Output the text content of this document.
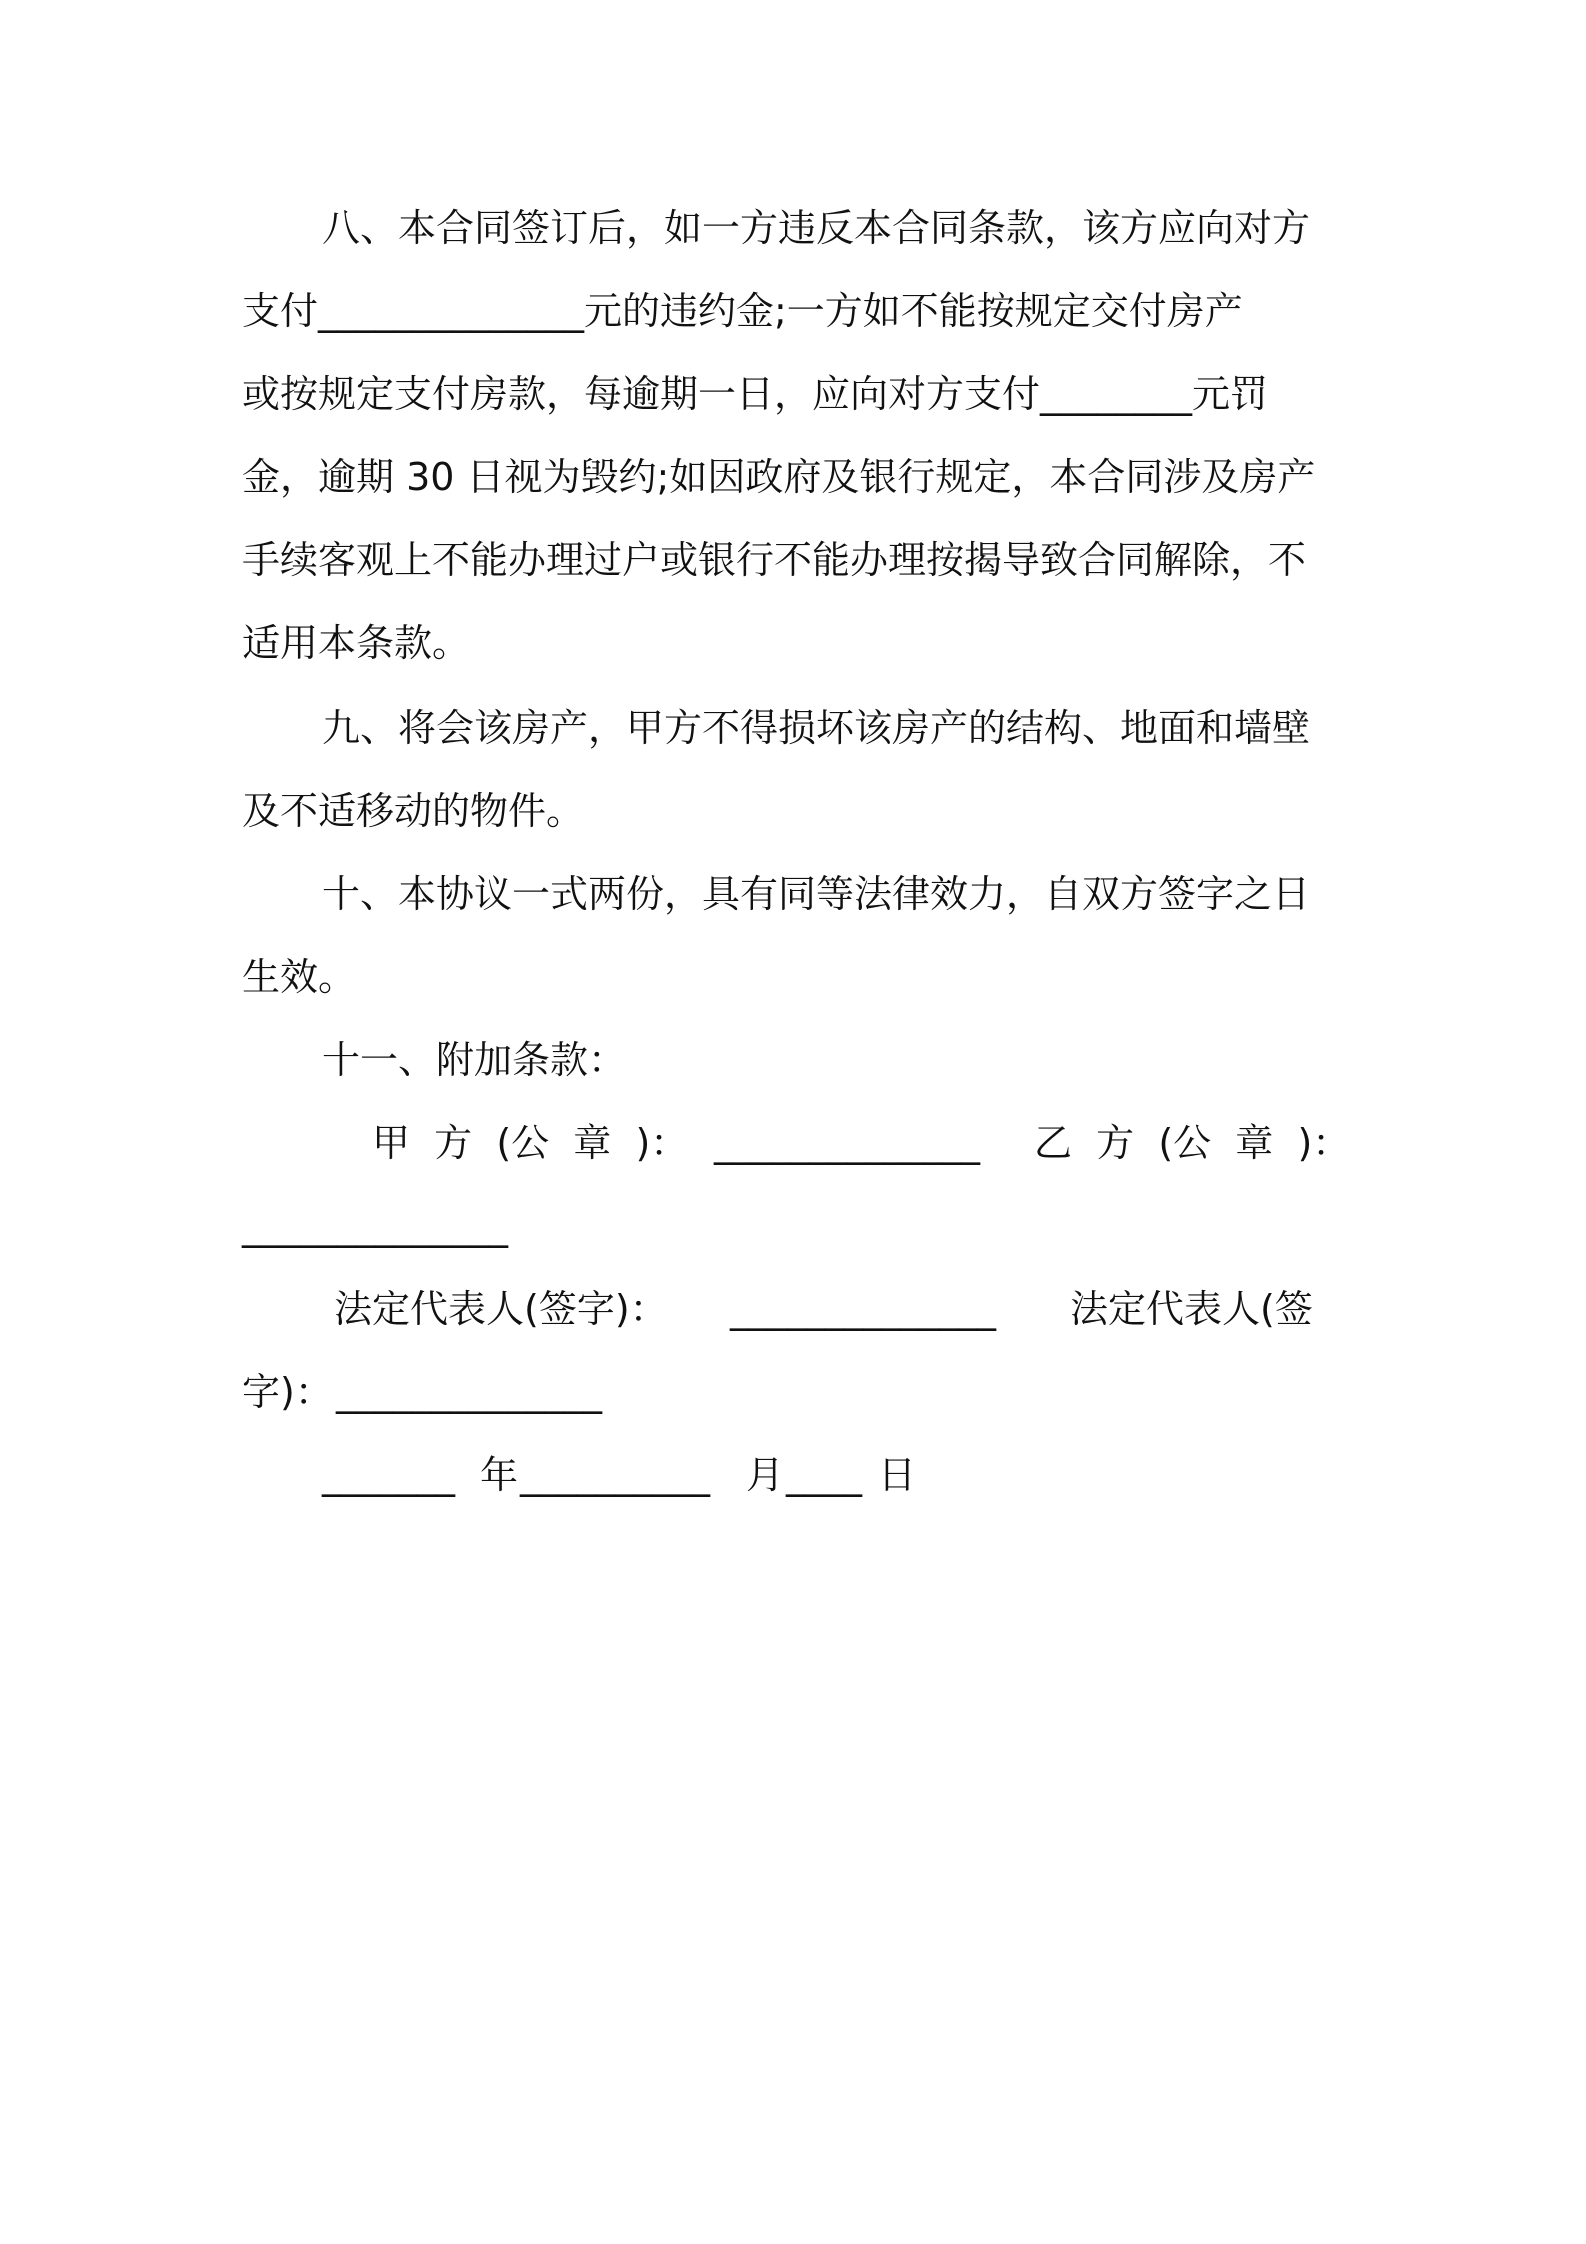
八、本合同签订后，如一方违反本合同条款，该方应向对方

支付______________元的违约金;一方如不能按规定交付房产

或按规定支付房款，每逾期一日，应向对方支付________元罚

金，逾期 30 日视为毁约;如因政府及银行规定，本合同涉及房产

手续客观上不能办理过户或银行不能办理按揭导致合同解除，不

适用本条款。

九、将会该房产，甲方不得损坏该房产的结构、地面和墙壁

及不适移动的物件。

十、本协议一式两份，具有同等法律效力，自双方签字之日

生效。

十一、附加条款：

甲  方  (公  章  )：

______________

乙  方  (公  章  )：

______________

法定代表人(签字)：

______________

法定代表人(签

字)：

______________

_______

年

__________

月

____

日
